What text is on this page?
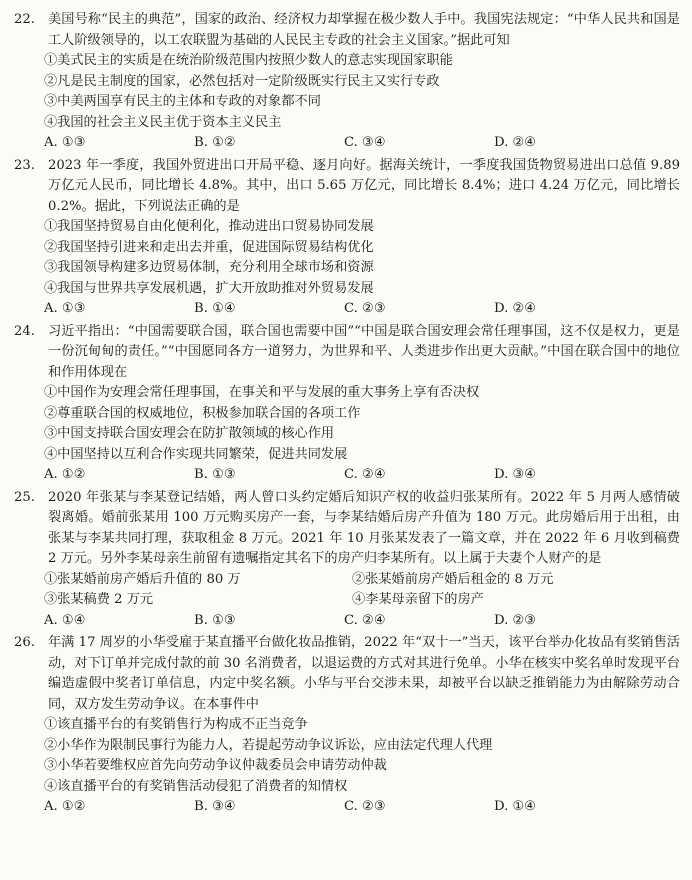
22. 美国号称“民主的典范”，国家的政治、经济权力却掌握在极少数人手中。我国宪法规定：“中华人民共和国是工人阶级领导的，以工农联盟为基础的人民民主专政的社会主义国家。”据此可知
①美式民主的实质是在统治阶级范围内按照少数人的意志实现国家职能
②凡是民主制度的国家，必然包括对一定阶级既实行民主又实行专政
③中美两国享有民主的主体和专政的对象都不同
④我国的社会主义民主优于资本主义民主
A. ①③	B. ①②	C. ③④	D. ②④
23. 2023 年一季度，我国外贸进出口开局平稳、逐月向好。据海关统计，一季度我国货物贸易进出口总值 9.89 万亿元人民币，同比增长 4.8%。其中，出口 5.65 万亿元，同比增长 8.4%；进口 4.24 万亿元，同比增长 0.2%。据此，下列说法正确的是
①我国坚持贸易自由化便利化，推动进出口贸易协同发展
②我国坚持引进来和走出去并重，促进国际贸易结构优化
③我国领导构建多边贸易体制，充分利用全球市场和资源
④我国与世界共享发展机遇，扩大开放助推对外贸易发展
A. ①③	B. ①④	C. ②③	D. ②④
24. 习近平指出：“中国需要联合国，联合国也需要中国”“中国是联合国安理会常任理事国，这不仅是权力，更是一份沉甸甸的责任。”“中国愿同各方一道努力，为世界和平、人类进步作出更大贡献。”中国在联合国中的地位和作用体现在
①中国作为安理会常任理事国，在事关和平与发展的重大事务上享有否决权
②尊重联合国的权威地位，积极参加联合国的各项工作
③中国支持联合国安理会在防扩散领域的核心作用
④中国坚持以互利合作实现共同繁荣，促进共同发展
A. ①②	B. ①③	C. ②④	D. ③④
25. 2020 年张某与李某登记结婚，两人曾口头约定婚后知识产权的收益归张某所有。2022 年 5 月两人感情破裂离婚。婚前张某用 100 万元购买房产一套，与李某结婚后房产升值为 180 万元。此房婚后用于出租，由张某与李某共同打理，获取租金 8 万元。2021 年 10 月张某发表了一篇文章，并在 2022 年 6 月收到稿费 2 万元。另外李某母亲生前留有遗嘱指定其名下的房产归李某所有。以上属于夫妻个人财产的是
①张某婚前房产婚后升值的 80 万	②张某婚前房产婚后租金的 8 万元
③张某稿费 2 万元	④李某母亲留下的房产
A. ①④	B. ①③	C. ②④	D. ②③
26. 年满 17 周岁的小华受雇于某直播平台做化妆品推销，2022 年“双十一”当天，该平台举办化妆品有奖销售活动，对下订单并完成付款的前 30 名消费者，以退运费的方式对其进行免单。小华在核实中奖名单时发现平台编造虚假中奖者订单信息，内定中奖名额。小华与平台交涉未果，却被平台以缺乏推销能力为由解除劳动合同，双方发生劳动争议。在本事件中
①该直播平台的有奖销售行为构成不正当竞争
②小华作为限制民事行为能力人，若提起劳动争议诉讼，应由法定代理人代理
③小华若要维权应首先向劳动争议仲裁委员会申请劳动仲裁
④该直播平台的有奖销售活动侵犯了消费者的知情权
A. ①②	B. ③④	C. ②③	D. ①④
